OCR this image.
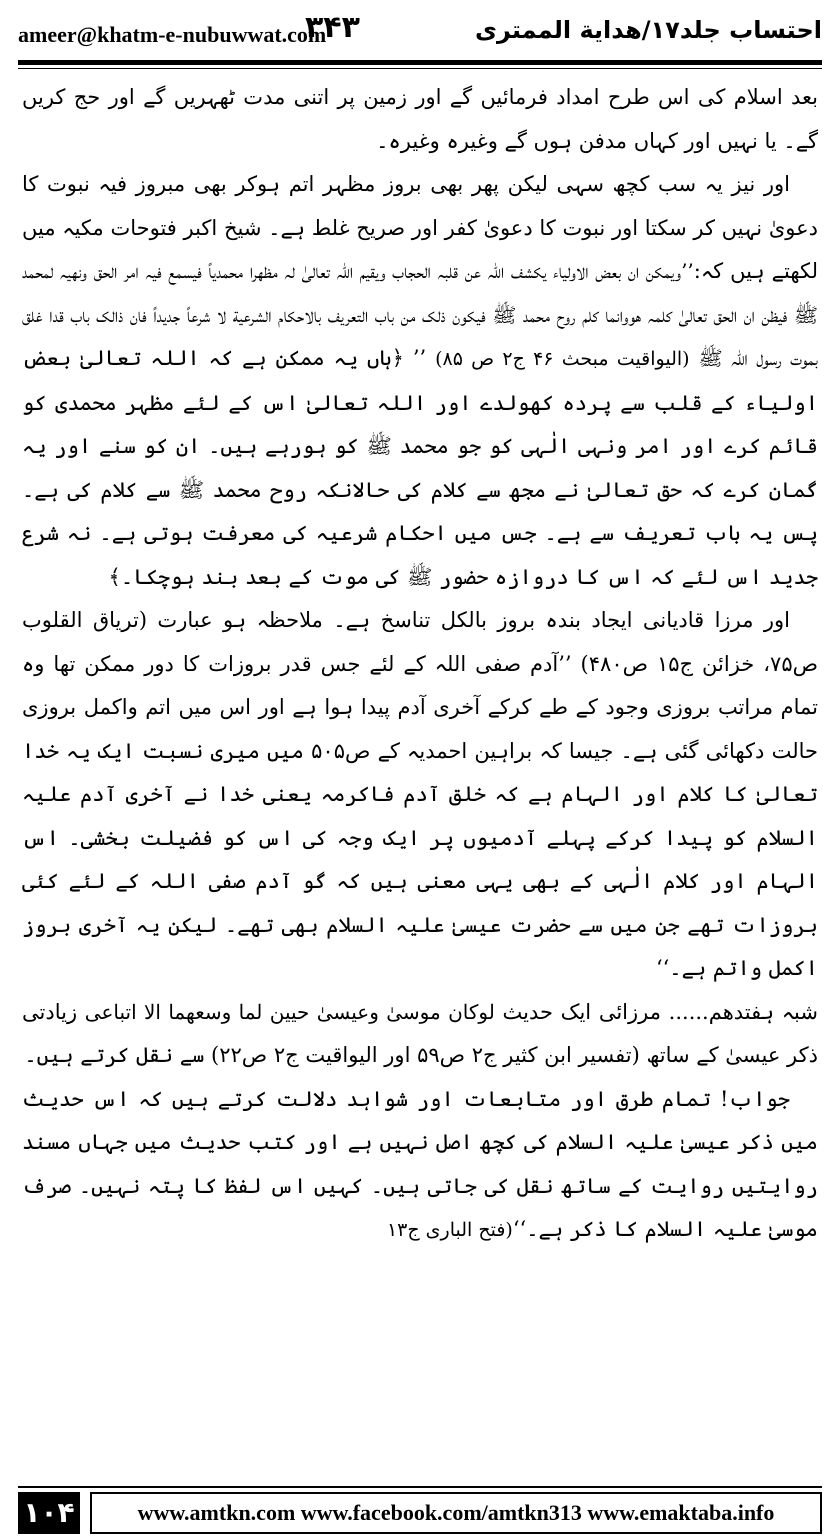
ameer@khatm-e-nubuwwat.com
۳۴۳	احتساب جلد۱۷/ھدایة الممتری

بعد اسلام کی اس طرح امداد فرمائیں گے اور زمین پر اتنی مدت ٹھہریں گے اور حج کریں گے۔ یا نہیں اور کہاں مدفن ہوں گے وغیرہ وغیرہ۔

اور نیز یہ سب کچھ سہی لیکن پھر بھی بروز مظہر اتم ہوکر بھی مبروز فیہ نبوت کا دعویٰ نہیں کر سکتا اور نبوت کا دعویٰ کفر اور صریح غلط ہے۔ شیخ اکبر فتوحات مکیہ میں لکھتے ہیں کہ:’’ویمکن ان بعض الاولیاء یکشف اللّٰہ عن قلبہ الحجاب ویقیم اللّٰہ تعالیٰ لہ مظھرا محمدیاً فیسمع فیہ امر الحق ونھیہ لمحمد ﷺ فیظن ان الحق تعالیٰ کلمہ ھووانما کلم روح محمد ﷺ فیکون ذلک من باب التعریف بالاحکام الشرعیة لا شرعاً جدیداً فان ذالک باب قدا غلق بموت رسول اللّٰہ ﷺ (الیواقیت مبحث ۴۶ ج۲ ص ۸۵) ’’ ﴿ہاں یہ ممکن ہے کہ اللہ تعالیٰ بعض اولیاء کے قلب سے پردہ کھولدے اور اللہ تعالیٰ اس کے لئے مظہر محمدی کو قائم کرے اور امر ونہی الٰہی کو جو محمد ﷺ کو ہورہے ہیں۔ ان کو سنے اور یہ گمان کرے کہ حق تعالیٰ نے مجھ سے کلام کی حالانکہ روح محمد ﷺ سے کلام کی ہے۔ پس یہ باب تعریف سے ہے۔ جس میں احکام شرعیہ کی معرفت ہوتی ہے۔ نہ شرع جدید اس لئے کہ اس کا دروازہ حضور ﷺ کی موت کے بعد بند ہوچکا۔﴾

اور مرزا قادیانی ایجاد بندہ بروز بالکل تناسخ ہے۔ ملاحظہ ہو عبارت (تریاق القلوب ص۷۵، خزائن ج۱۵ ص۴۸۰) ’’آدم صفی اللہ کے لئے جس قدر بروزات کا دور ممکن تھا وہ تمام مراتب بروزی وجود کے طے کرکے آخری آدم پیدا ہوا ہے اور اس میں اتم واکمل بروزی حالت دکھائی گئی ہے۔ جیسا کہ براہین احمدیہ کے ص۵۰۵ میں میری نسبت ایک یہ خدا تعالیٰ کا کلام اور الہام ہے کہ خلق آدم فاکرمہ یعنی خدا نے آخری آدم علیہ السلام کو پیدا کرکے پہلے آدمیوں پر ایک وجہ کی اس کو فضیلت بخشی۔ اس الہام اور کلام الٰہی کے بھی یہی معنی ہیں کہ گو آدم صفی اللہ کے لئے کئی بروزات تھے جن میں سے حضرت عیسیٰ علیہ السلام بھی تھے۔ لیکن یہ آخری بروز اکمل واتم ہے۔‘‘

شبہ ہفتدھم...... مرزائی ایک حدیث لوکان موسیٰ وعیسیٰ حیین لما وسعھما الا اتباعی زیادتی ذکر عیسیٰ کے ساتھ (تفسیر ابن کثیر ج۲ ص۵۹ اور الیواقیت ج۲ ص۲۲) سے نقل کرتے ہیں۔

جواب! تمام طرق اور متابعات اور شواہد دلالت کرتے ہیں کہ اس حدیث میں ذکر عیسیٰ علیہ السلام کی کچھ اصل نہیں ہے اور کتب حدیث میں جہاں مسند روایتیں روایت کے ساتھ نقل کی جاتی ہیں۔ کہیں اس لفظ کا پتہ نہیں۔ صرف موسیٰ علیہ السلام کا ذکر ہے۔‘‘(فتح الباری ج۱۳

۱۰۴	www.amtkn.com www.facebook.com/amtkn313 www.emaktaba.info
